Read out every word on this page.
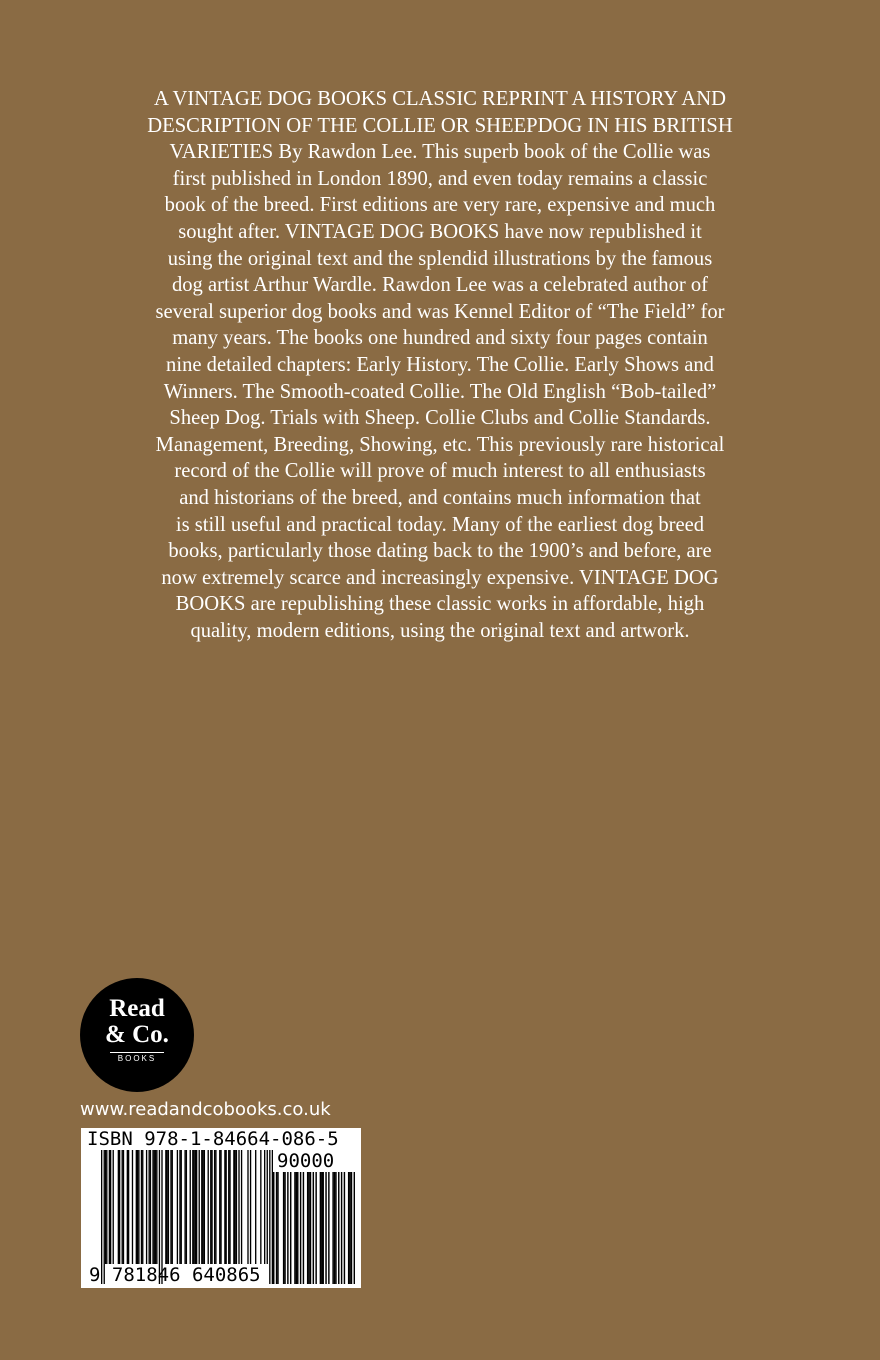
A VINTAGE DOG BOOKS CLASSIC REPRINT A HISTORY AND
DESCRIPTION OF THE COLLIE OR SHEEPDOG IN HIS BRITISH
VARIETIES By Rawdon Lee. This superb book of the Collie was
first published in London 1890, and even today remains a classic
book of the breed. First editions are very rare, expensive and much
sought after. VINTAGE DOG BOOKS have now republished it
using the original text and the splendid illustrations by the famous
dog artist Arthur Wardle. Rawdon Lee was a celebrated author of
several superior dog books and was Kennel Editor of “The Field” for
many years. The books one hundred and sixty four pages contain
nine detailed chapters: Early History. The Collie. Early Shows and
Winners. The Smooth-coated Collie. The Old English “Bob-tailed”
Sheep Dog. Trials with Sheep. Collie Clubs and Collie Standards.
Management, Breeding, Showing, etc. This previously rare historical
record of the Collie will prove of much interest to all enthusiasts
and historians of the breed, and contains much information that
is still useful and practical today. Many of the earliest dog breed
books, particularly those dating back to the 1900’s and before, are
now extremely scarce and increasingly expensive. VINTAGE DOG
BOOKS are republishing these classic works in affordable, high
quality, modern editions, using the original text and artwork.
Read
& Co.
BOOKS
www.readandcobooks.co.uk
ISBN 978-1-84664-086-5
90000
9 781846 640865
